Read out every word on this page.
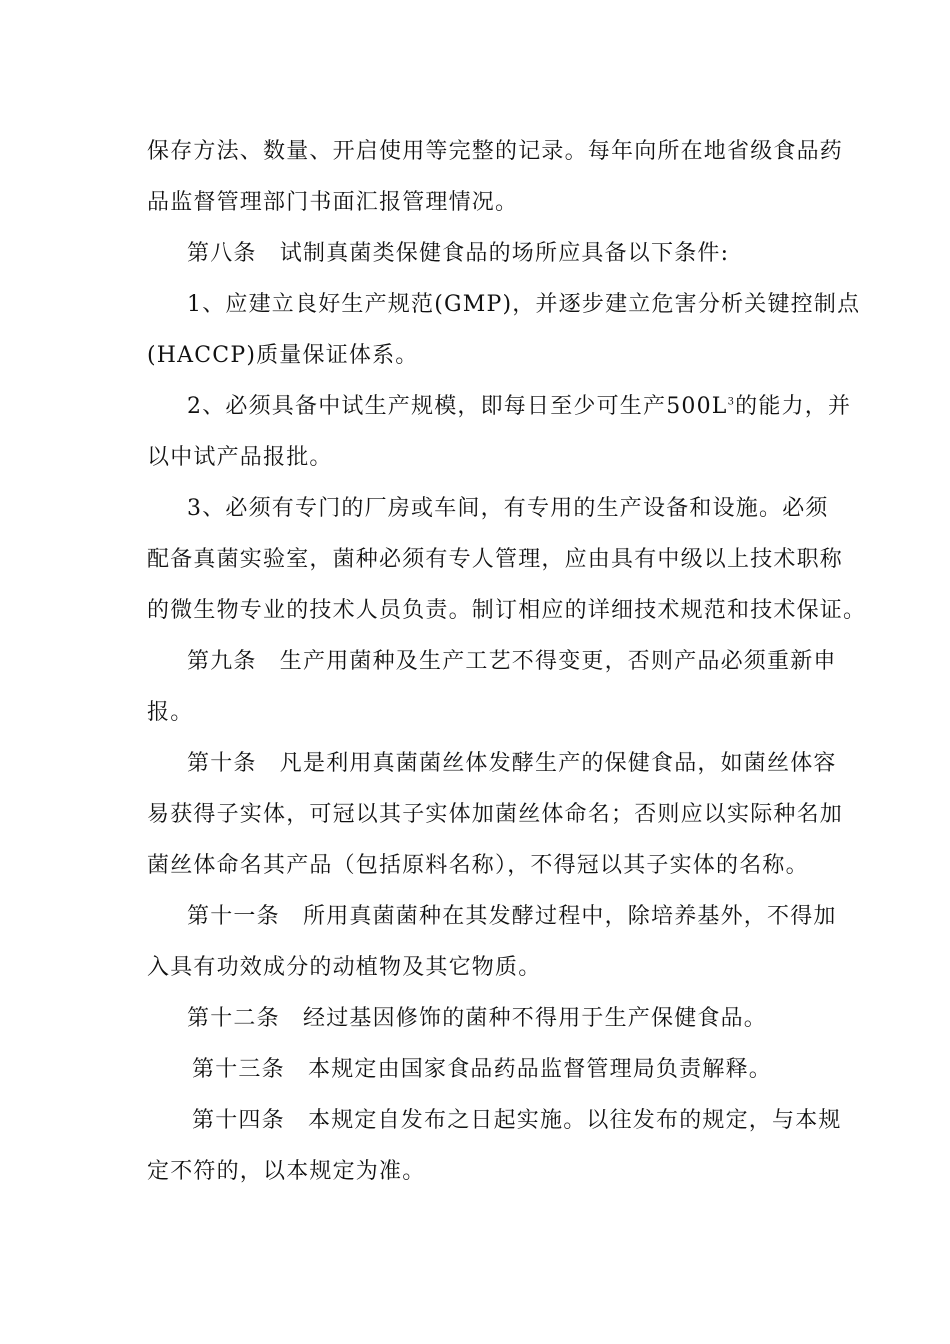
保存方法、数量、开启使用等完整的记录。每年向所在地省级食品药
品监督管理部门书面汇报管理情况。
第八条　试制真菌类保健食品的场所应具备以下条件:
1、应建立良好生产规范(GMP)，并逐步建立危害分析关键控制点
(HACCP)质量保证体系。
2、必须具备中试生产规模，即每日至少可生产$500L^3$的能力，并
以中试产品报批。
3、必须有专门的厂房或车间，有专用的生产设备和设施。必须
配备真菌实验室，菌种必须有专人管理，应由具有中级以上技术职称
的微生物专业的技术人员负责。制订相应的详细技术规范和技术保证。
第九条　生产用菌种及生产工艺不得变更，否则产品必须重新申
报。
第十条　凡是利用真菌菌丝体发酵生产的保健食品，如菌丝体容
易获得子实体，可冠以其子实体加菌丝体命名；否则应以实际种名加
菌丝体命名其产品（包括原料名称），不得冠以其子实体的名称。
第十一条　所用真菌菌种在其发酵过程中，除培养基外，不得加
入具有功效成分的动植物及其它物质。
第十二条　经过基因修饰的菌种不得用于生产保健食品。
第十三条　本规定由国家食品药品监督管理局负责解释。
第十四条　本规定自发布之日起实施。以往发布的规定，与本规
定不符的，以本规定为准。
